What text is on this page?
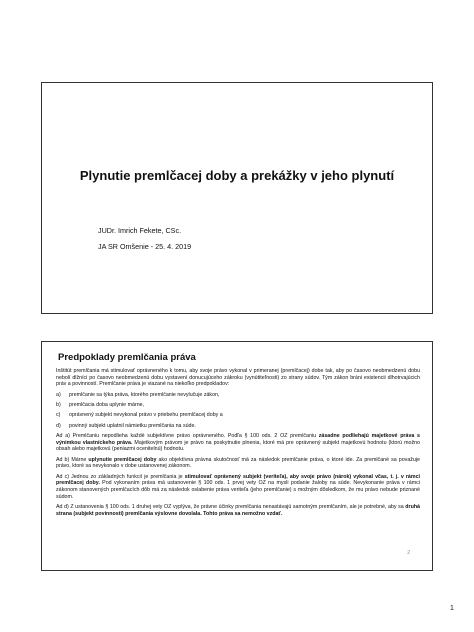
Plynutie premlčacej doby a prekážky v jeho plynutí
JUDr. Imrich Fekete, CSc.
JA SR Omšenie - 25. 4. 2019
Predpoklady premlčania práva

Inštitút premlčania má stimulovať oprávneného k tomu, aby svoje právo vykonal v primeranej (premlčacej) dobe tak, aby po časovo neobmedzenú dobu nebolí dlžníci po časovo neobmedzenú dobu vystavení donucujúceho zákroku (vynútiteľnosti) zo strany súdov. Tým zákon bráni existencii dlhotrvajúcich práv a povinností. Premlčanie práva je viazané na niekoľko predpokladov:

a)	premlčanie sa týka práva, ktorého premlčanie nevylučuje zákon,
b)	premlčacia doba uplynie márne,
c)	oprávnený subjekt nevykonal právo v priebehu premlčacej doby a
d)	povinný subjekt uplatnil námietku premlčania na súde.

Ad a) Premlčaniu nepodlieha každé subjektívne právo oprávneného. Podľa § 100 ods. 2 OZ premlčaniu zásadne podliehajú majetkové práva s výnimkou vlastníckeho práva. Majetkovým právom je právo na poskytnutie plnenia, ktoré má pre oprávnený subjekt majetkovú hodnotu (ktorú možno obsah alebo majetkovú (peniazmi ocenitelnú) hodnotu.

Ad b) Márne uplynutie premlčacej doby ako objektívna právna skutočnosť má za následok premlčanie práva, o ktoré ide. Za premlčané sa považuje právo, ktoré sa nevykonalo v dobe ustanovenej zákonom.

Ad c) Jednou zo základných funkcií je premlčania je stimulovať oprávnený subjekt (veriteľa), aby svoje právo (nárok) vykonal včas, t. j. v rámci premlčacej doby. Pod vykonaním práva má ustanovenie § 100 ods. 1 prvej vety OZ na mysli podanie žaloby na súde. Nevykonanie práva v rámci zákonom stanovených premlčacích dôb má za následok oslabenie práva veriteľa (jeho premlčanie) s možným dôsledkom, že mu právo nebude priznané súdom.

Ad d) Z ustanovenia § 100 ods. 1 druhej vety OZ vyplýva, že právne účinky premlčania nenastávajú samotným premlčaním, ale je potrebné, aby sa druhá strana (subjekt povinnosti) premlčania výslovne dovolala. Tohto práva sa nemožno vzdať.

2
1
